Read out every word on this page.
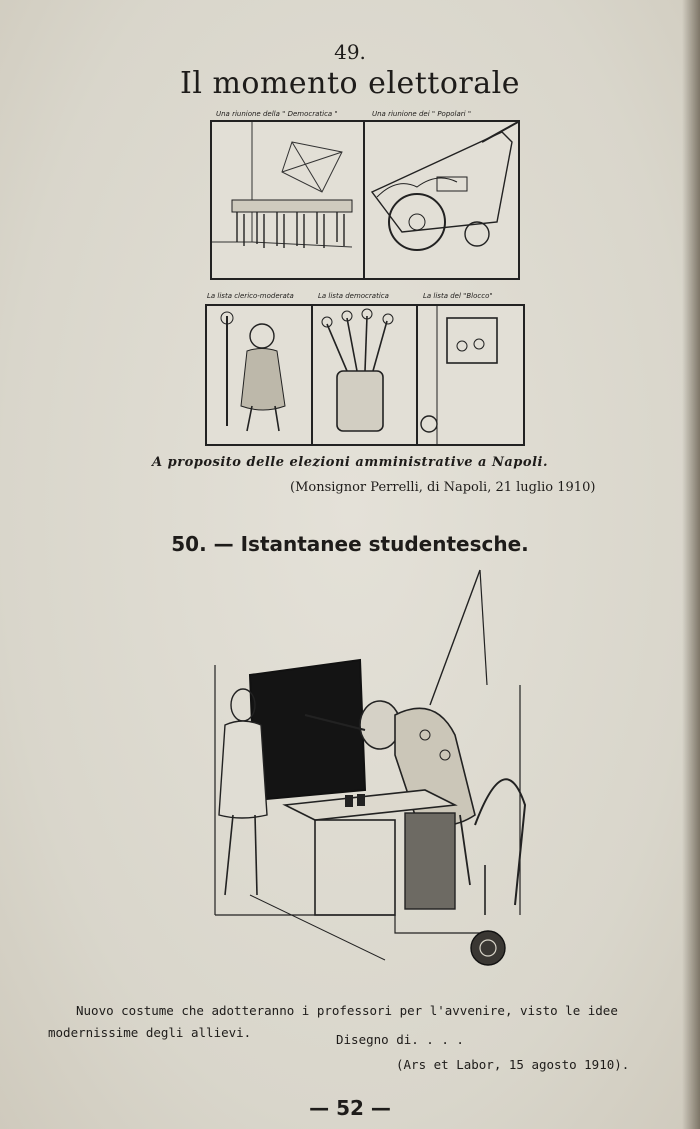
49.
Il momento elettorale
Una riunione della " Democratica "	Una riunione dei " Popolari "
La lista clerico-moderata	La lista democratica	La lista del "Blocco"
A proposito delle elezioni amministrative a Napoli.
(Monsignor Perrelli, di Napoli, 21 luglio 1910)
50. — Istantanee studentesche.
Nuovo costume che adotteranno i professori per l'avvenire, visto le idee modernissime degli allievi.	Disegno di. . . .
(Ars et Labor, 15 agosto 1910).
— 52 —
